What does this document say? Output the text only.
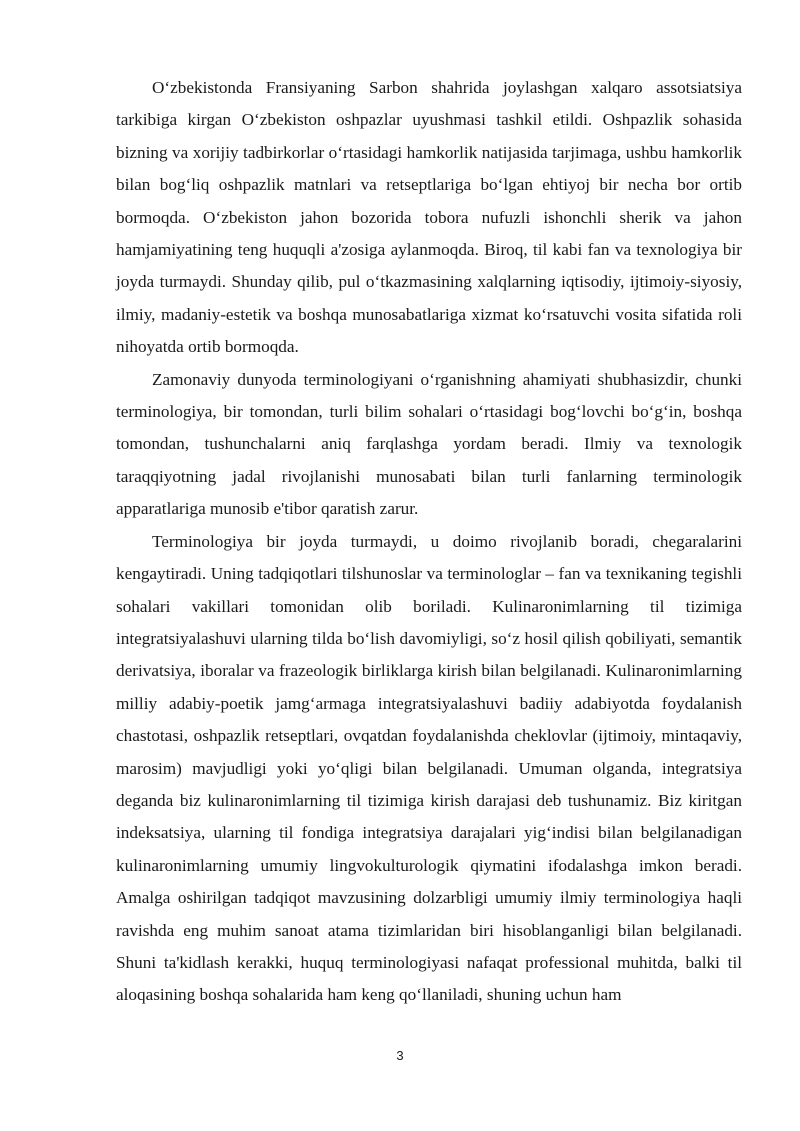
O‘zbekistonda Fransiyaning Sarbon shahrida joylashgan xalqaro assotsiatsiya tarkibiga kirgan O‘zbekiston oshpazlar uyushmasi tashkil etildi. Oshpazlik sohasida bizning va xorijiy tadbirkorlar o‘rtasidagi hamkorlik natijasida tarjimaga, ushbu hamkorlik bilan bog‘liq oshpazlik matnlari va retseptlariga bo‘lgan ehtiyoj bir necha bor ortib bormoqda. O‘zbekiston jahon bozorida tobora nufuzli ishonchli sherik va jahon hamjamiyatining teng huquqli a'zosiga aylanmoqda. Biroq, til kabi fan va texnologiya bir joyda turmaydi. Shunday qilib, pul o‘tkazmasining xalqlarning iqtisodiy, ijtimoiy-siyosiy, ilmiy, madaniy-estetik va boshqa munosabatlariga xizmat ko‘rsatuvchi vosita sifatida roli nihoyatda ortib bormoqda.

Zamonaviy dunyoda terminologiyani o‘rganishning ahamiyati shubhasizdir, chunki terminologiya, bir tomondan, turli bilim sohalari o‘rtasidagi bog‘lovchi bo‘g‘in, boshqa tomondan, tushunchalarni aniq farqlashga yordam beradi. Ilmiy va texnologik taraqqiyotning jadal rivojlanishi munosabati bilan turli fanlarning terminologik apparatlariga munosib e'tibor qaratish zarur.

Terminologiya bir joyda turmaydi, u doimo rivojlanib boradi, chegaralarini kengaytiradi. Uning tadqiqotlari tilshunoslar va terminologlar – fan va texnikaning tegishli sohalari vakillari tomonidan olib boriladi. Kulinaronimlarning til tizimiga integratsiyalashuvi ularning tilda bo‘lish davomiyligi, so‘z hosil qilish qobiliyati, semantik derivatsiya, iboralar va frazeologik birliklarga kirish bilan belgilanadi. Kulinaronimlarning milliy adabiy-poetik jamg‘armaga integratsiyalashuvi badiiy adabiyotda foydalanish chastotasi, oshpazlik retseptlari, ovqatdan foydalanishda cheklovlar (ijtimoiy, mintaqaviy, marosim) mavjudligi yoki yo‘qligi bilan belgilanadi. Umuman olganda, integratsiya deganda biz kulinaronimlarning til tizimiga kirish darajasi deb tushunamiz. Biz kiritgan indeksatsiya, ularning til fondiga integratsiya darajalari yig‘indisi bilan belgilanadigan kulinaronimlarning umumiy lingvokulturologik qiymatini ifodalashga imkon beradi. Amalga oshirilgan tadqiqot mavzusining dolzarbligi umumiy ilmiy terminologiya haqli ravishda eng muhim sanoat atama tizimlaridan biri hisoblanganligi bilan belgilanadi. Shuni ta'kidlash kerakki, huquq terminologiyasi nafaqat professional muhitda, balki til aloqasining boshqa sohalarida ham keng qo‘llaniladi, shuning uchun ham

3
